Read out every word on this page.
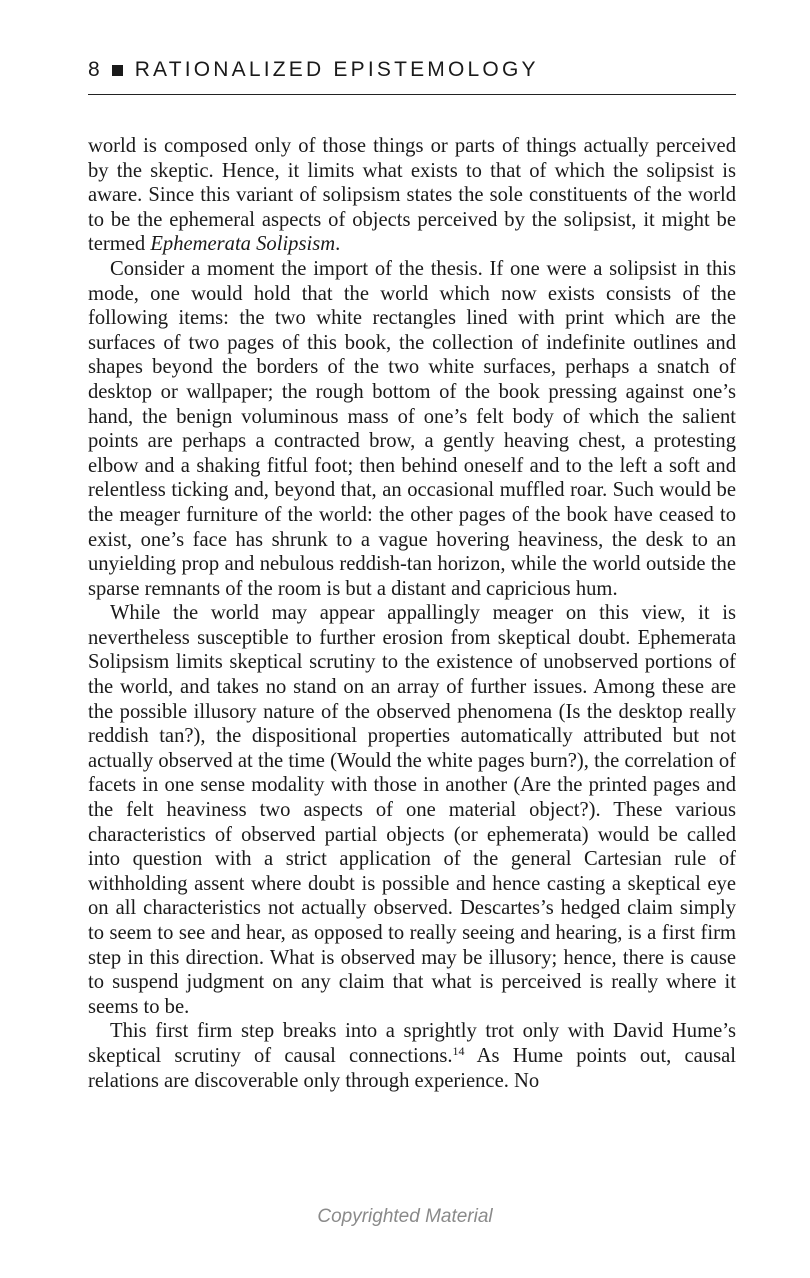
8 RATIONALIZED EPISTEMOLOGY

world is composed only of those things or parts of things actually perceived by the skeptic. Hence, it limits what exists to that of which the solipsist is aware. Since this variant of solipsism states the sole constituents of the world to be the ephemeral aspects of objects perceived by the solipsist, it might be termed Ephemerata Solipsism.

Consider a moment the import of the thesis. If one were a solipsist in this mode, one would hold that the world which now exists consists of the following items: the two white rectangles lined with print which are the surfaces of two pages of this book, the collection of indefinite outlines and shapes beyond the borders of the two white surfaces, perhaps a snatch of desktop or wallpaper; the rough bottom of the book pressing against one’s hand, the benign voluminous mass of one’s felt body of which the salient points are perhaps a contracted brow, a gently heaving chest, a protesting elbow and a shaking fitful foot; then behind oneself and to the left a soft and relentless ticking and, beyond that, an occasional muffled roar. Such would be the meager furniture of the world: the other pages of the book have ceased to exist, one’s face has shrunk to a vague hovering heaviness, the desk to an unyielding prop and nebulous reddish-tan horizon, while the world outside the sparse remnants of the room is but a distant and capricious hum.

While the world may appear appallingly meager on this view, it is nevertheless susceptible to further erosion from skeptical doubt. Ephemerata Solipsism limits skeptical scrutiny to the existence of unobserved portions of the world, and takes no stand on an array of further issues. Among these are the possible illusory nature of the observed phenomena (Is the desktop really reddish tan?), the dispositional properties automatically attributed but not actually observed at the time (Would the white pages burn?), the correlation of facets in one sense modality with those in another (Are the printed pages and the felt heaviness two aspects of one material object?). These various characteristics of observed partial objects (or ephemerata) would be called into question with a strict application of the general Cartesian rule of withholding assent where doubt is possible and hence casting a skeptical eye on all characteristics not actually observed. Descartes’s hedged claim simply to seem to see and hear, as opposed to really seeing and hearing, is a first firm step in this direction. What is observed may be illusory; hence, there is cause to suspend judgment on any claim that what is perceived is really where it seems to be.

This first firm step breaks into a sprightly trot only with David Hume’s skeptical scrutiny of causal connections.$^{14}$ As Hume points out, causal relations are discoverable only through experience. No

Copyrighted Material
